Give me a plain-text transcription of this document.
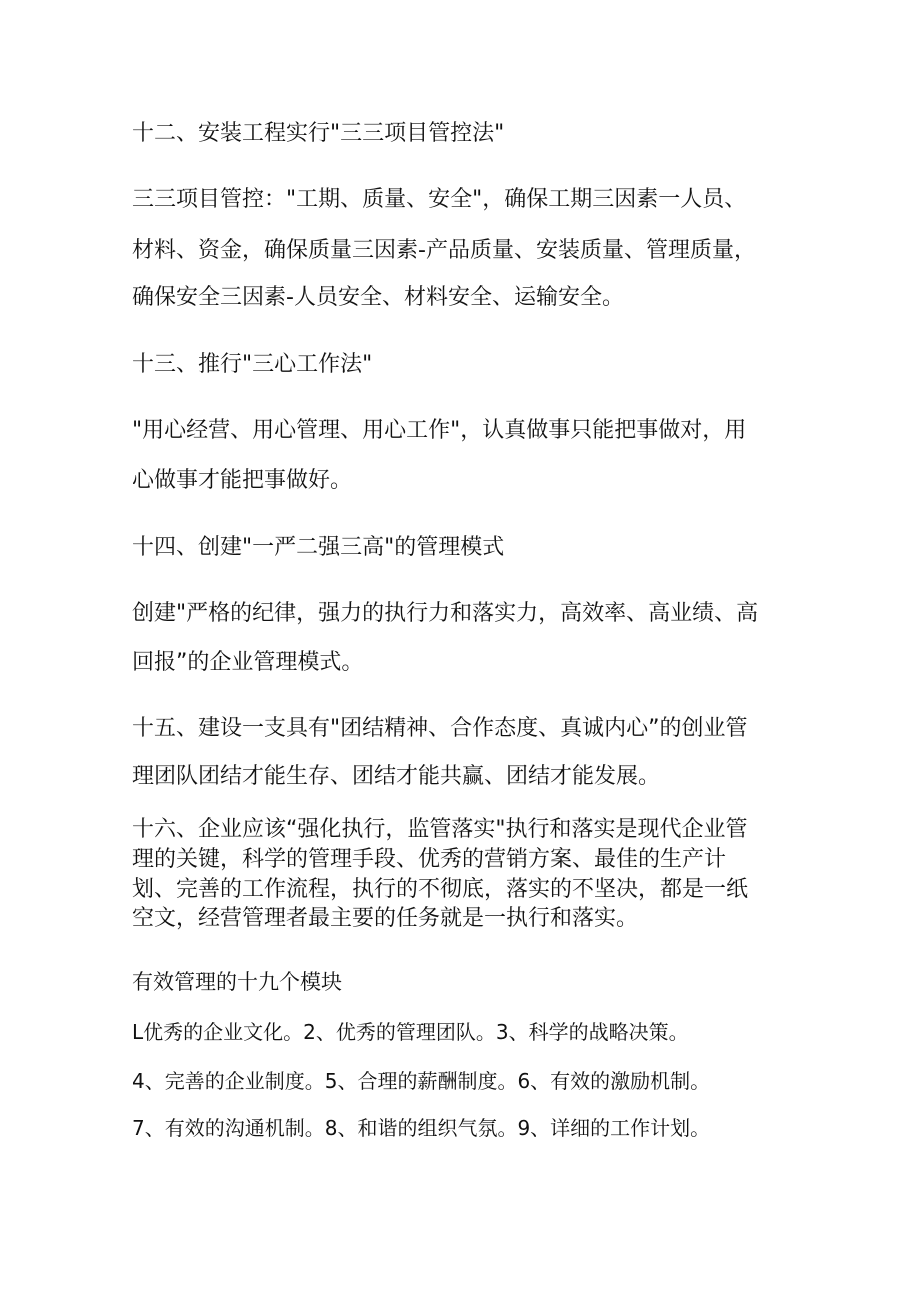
十二、安装工程实行"三三项目管控法"

三三项目管控："工期、质量、安全"，确保工期三因素一人员、

材料、资金，确保质量三因素-产品质量、安装质量、管理质量，

确保安全三因素-人员安全、材料安全、运输安全。

十三、推行"三心工作法"

"用心经营、用心管理、用心工作"，认真做事只能把事做对，用

心做事才能把事做好。

十四、创建"一严二强三高"的管理模式

创建"严格的纪律，强力的执行力和落实力，高效率、高业绩、高

回报”的企业管理模式。

十五、建设一支具有"团结精神、合作态度、真诚内心”的创业管

理团队团结才能生存、团结才能共赢、团结才能发展。

十六、企业应该“强化执行，监管落实"执行和落实是现代企业管

理的关键，科学的管理手段、优秀的营销方案、最佳的生产计

划、完善的工作流程，执行的不彻底，落实的不坚决，都是一纸

空文，经营管理者最主要的任务就是一执行和落实。

有效管理的十九个模块

L优秀的企业文化。2、优秀的管理团队。3、科学的战略决策。

4、完善的企业制度。5、合理的薪酬制度。6、有效的激励机制。

7、有效的沟通机制。8、和谐的组织气氛。9、详细的工作计划。
